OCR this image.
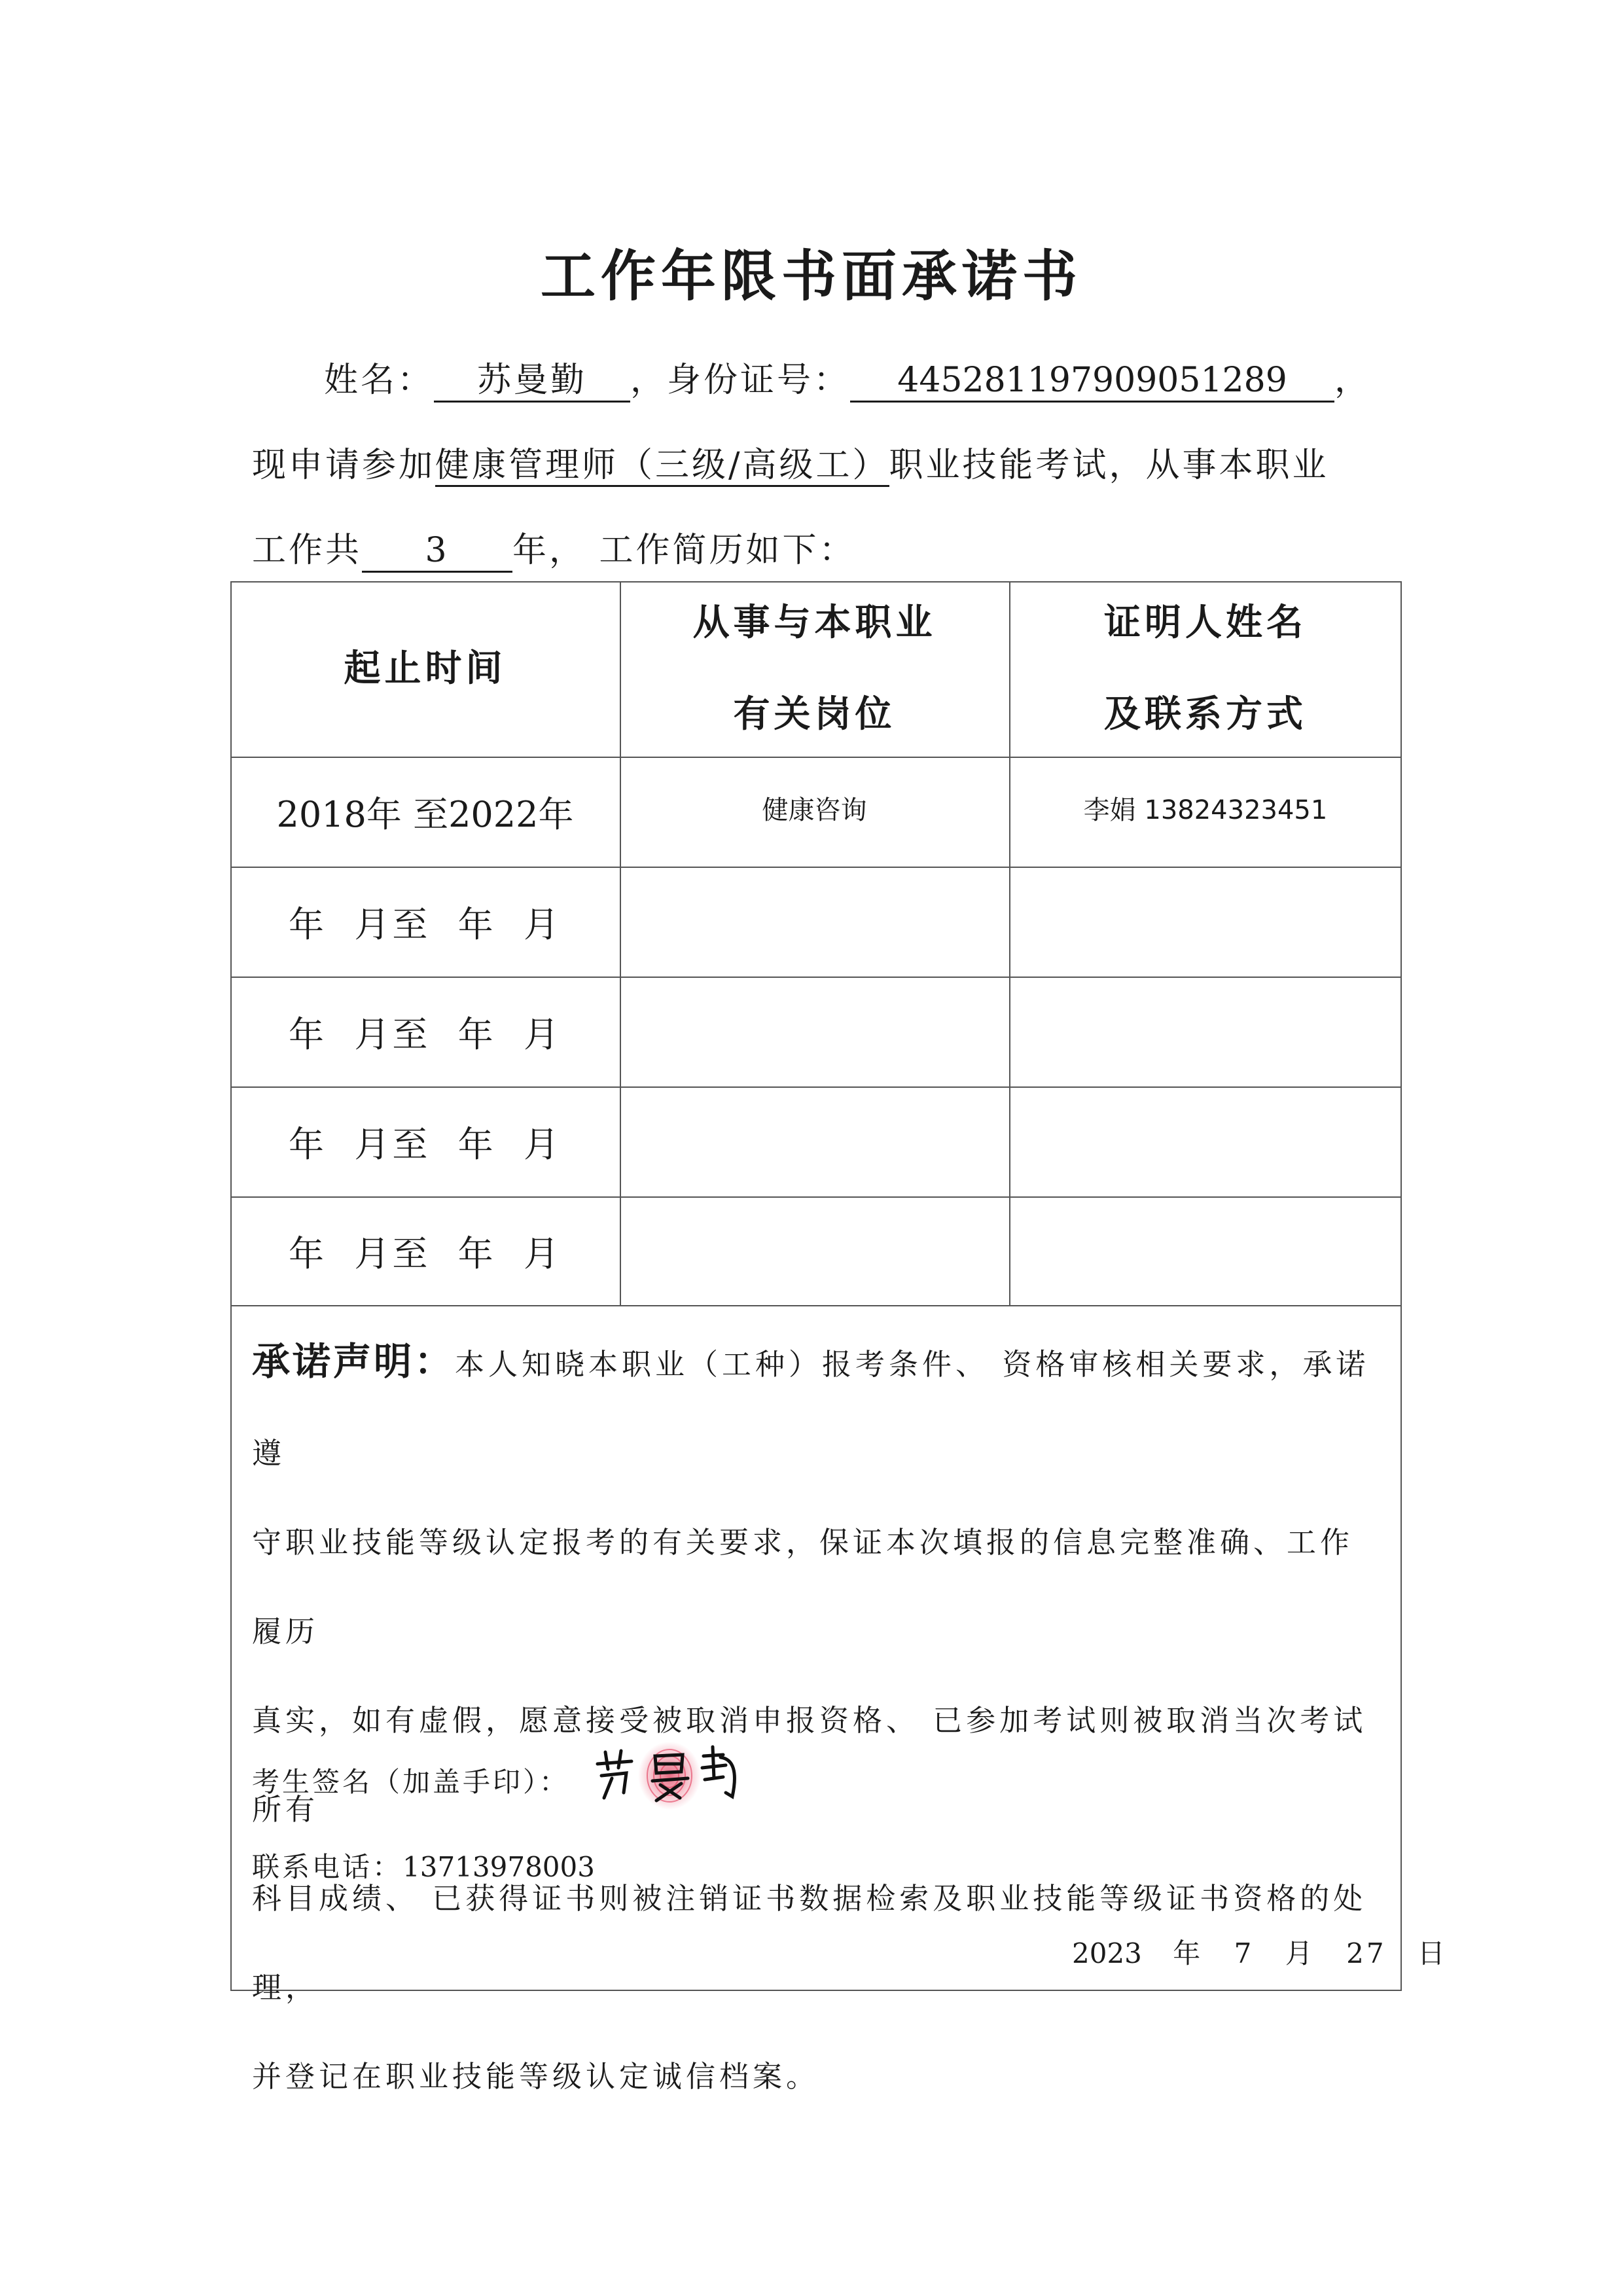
工作年限书面承诺书
姓名： 苏曼勤 ，身份证号： 445281197909051289 ，
现申请参加健康管理师（三级/高级工）职业技能考试，从事本职业
工作共 3 年， 工作简历如下：
起止时间
从事与本职业
有关岗位
证明人姓名
及联系方式
2018年 至2022年	健康咨询	李娟 13824323451
年  月至  年  月
年  月至  年  月
年  月至  年  月
年  月至  年  月
承诺声明：本人知晓本职业（工种）报考条件、 资格审核相关要求，承诺遵
守职业技能等级认定报考的有关要求，保证本次填报的信息完整准确、工作履历
真实，如有虚假，愿意接受被取消申报资格、 已参加考试则被取消当次考试所有
科目成绩、 已获得证书则被注销证书数据检索及职业技能等级证书资格的处理，
并登记在职业技能等级认定诚信档案。
考生签名（加盖手印）：
联系电话：13713978003
2023 年 7 月 27 日
